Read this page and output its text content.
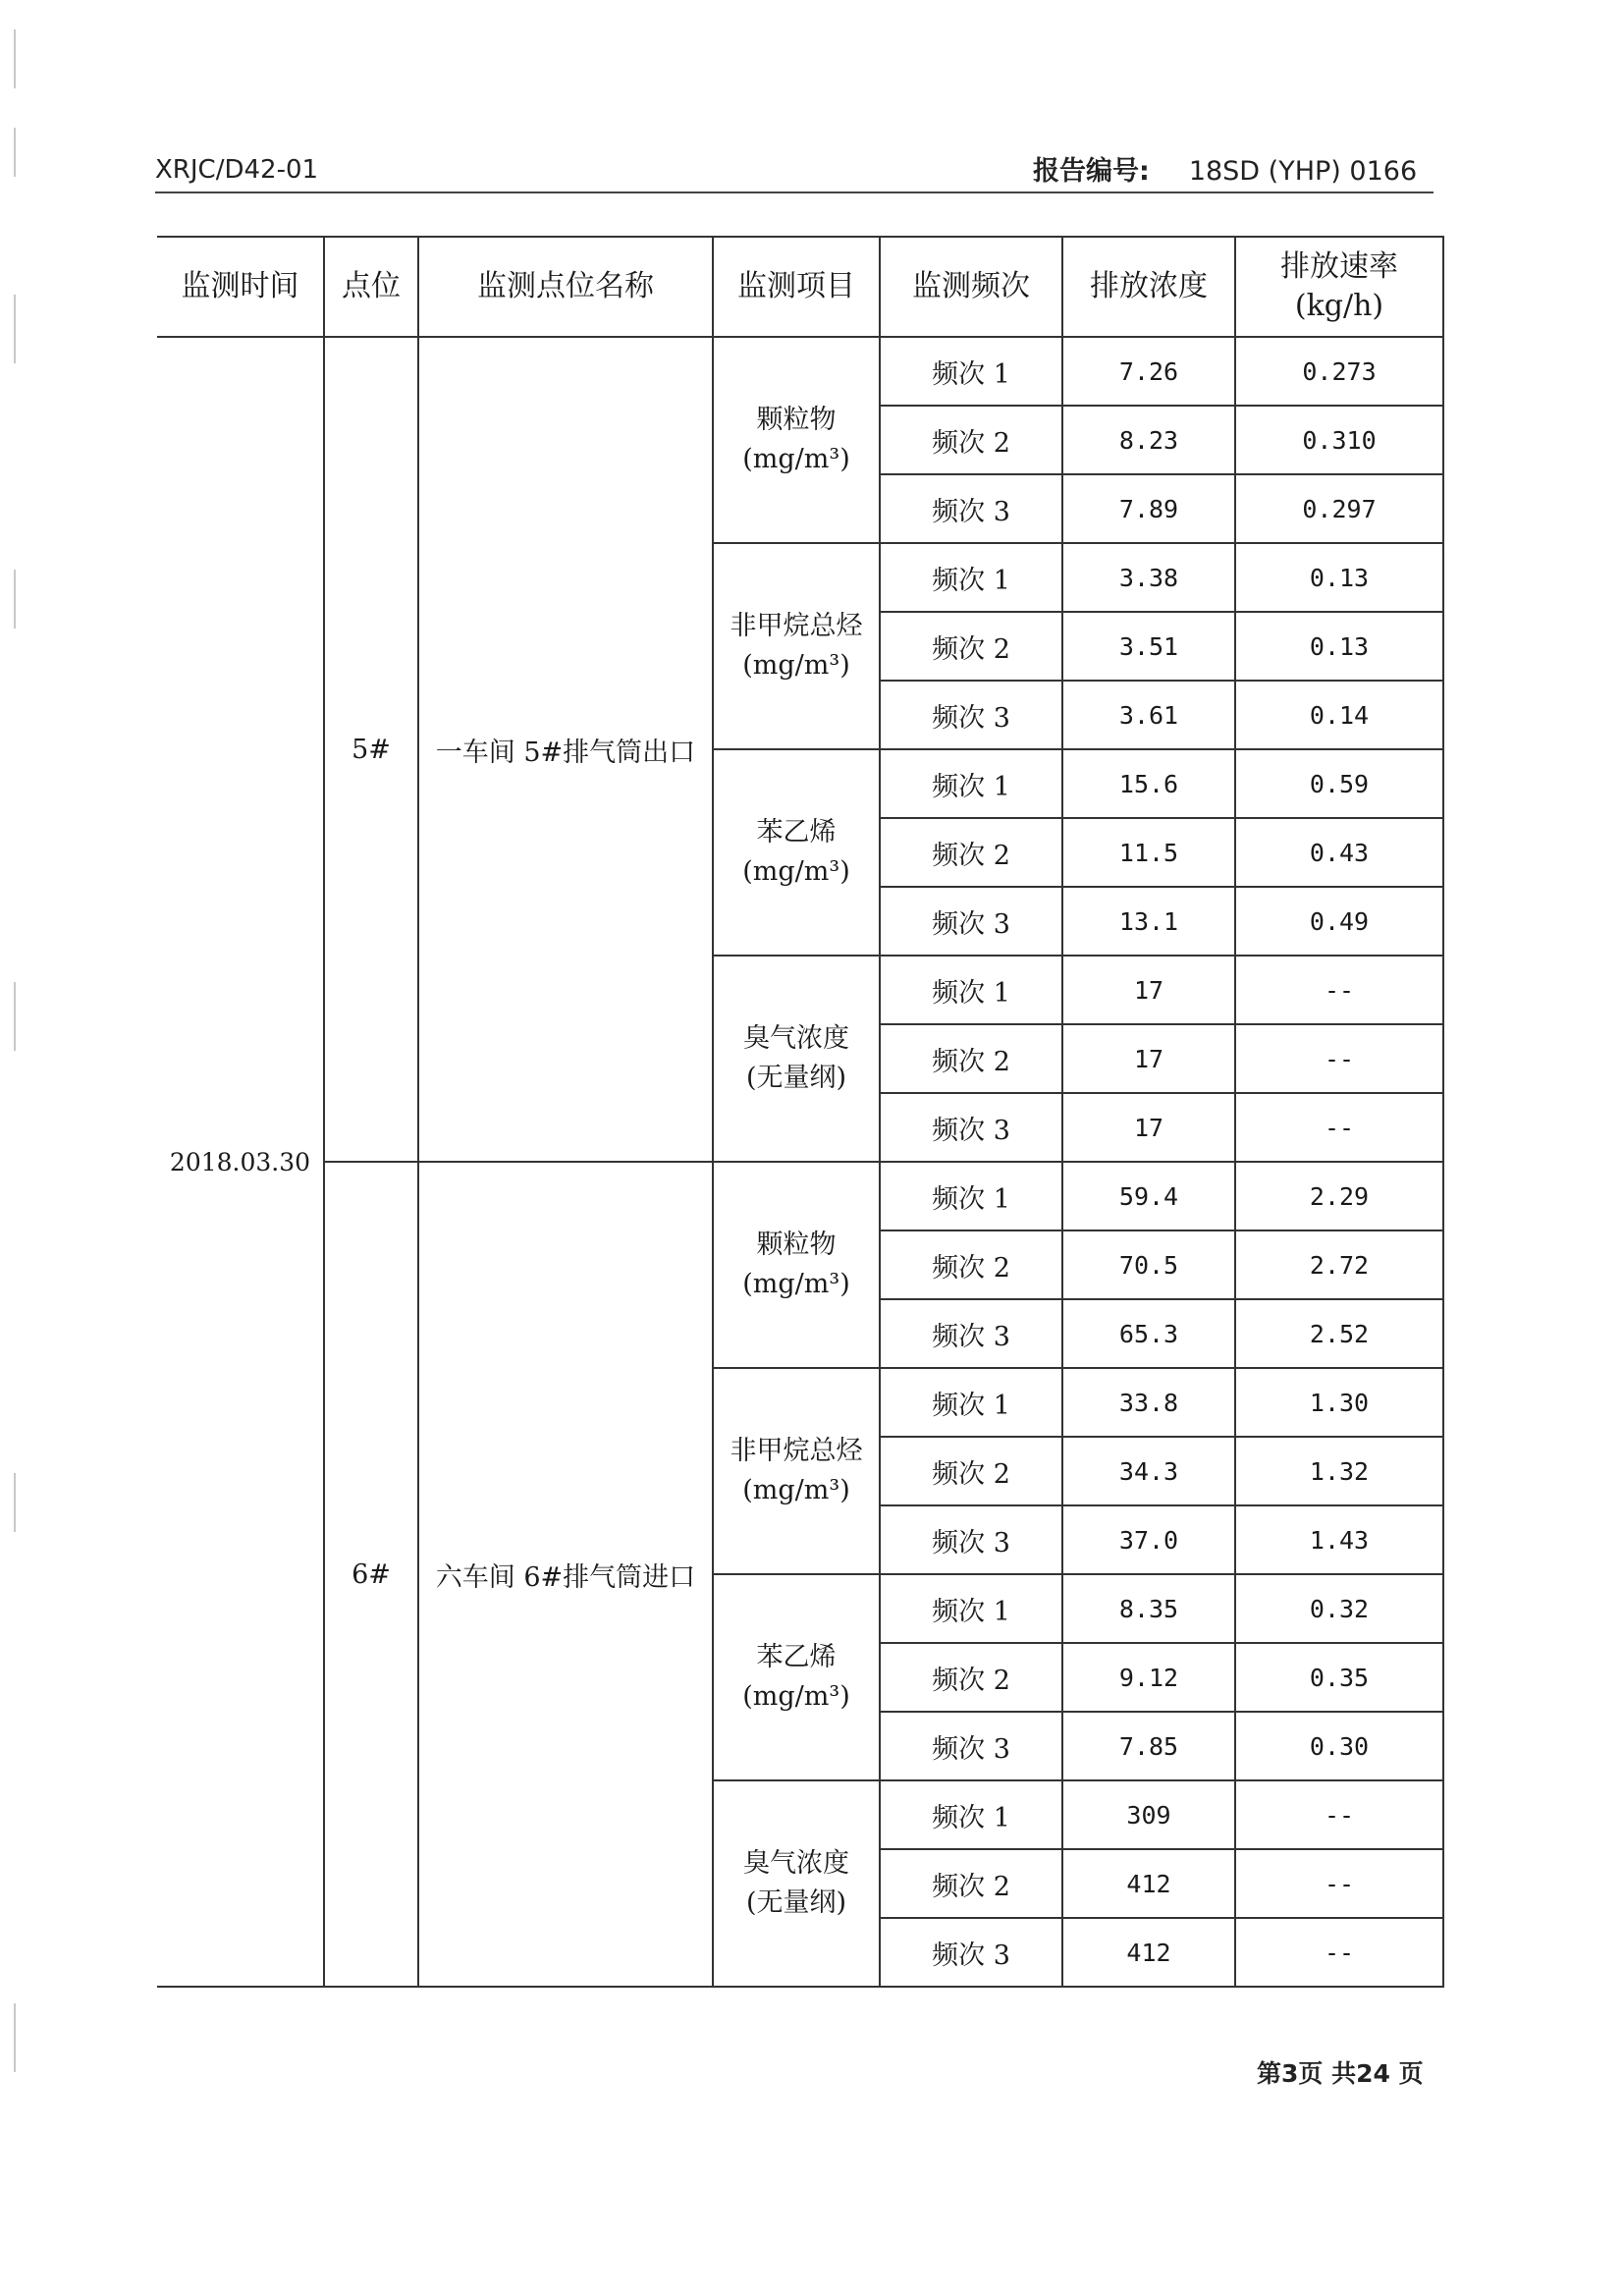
XRJC/D42-01	报告编号: 18SD (YHP) 0166
监测时间	点位	监测点位名称	监测项目	监测频次	排放浓度	排放速率
(kg/h)
2018.03.30	5#	一车间 5#排气筒出口	颗粒物
(mg/m³)	频次 1	7.26	0.273
				频次 2	8.23	0.310
				频次 3	7.89	0.297
			非甲烷总烃
(mg/m³)	频次 1	3.38	0.13
				频次 2	3.51	0.13
				频次 3	3.61	0.14
			苯乙烯
(mg/m³)	频次 1	15.6	0.59
				频次 2	11.5	0.43
				频次 3	13.1	0.49
			臭气浓度
(无量纲)	频次 1	17	--
				频次 2	17	--
				频次 3	17	--
	6#	六车间 6#排气筒进口	颗粒物
(mg/m³)	频次 1	59.4	2.29
				频次 2	70.5	2.72
				频次 3	65.3	2.52
			非甲烷总烃
(mg/m³)	频次 1	33.8	1.30
				频次 2	34.3	1.32
				频次 3	37.0	1.43
			苯乙烯
(mg/m³)	频次 1	8.35	0.32
				频次 2	9.12	0.35
				频次 3	7.85	0.30
			臭气浓度
(无量纲)	频次 1	309	--
				频次 2	412	--
				频次 3	412	--
第3页 共24 页
